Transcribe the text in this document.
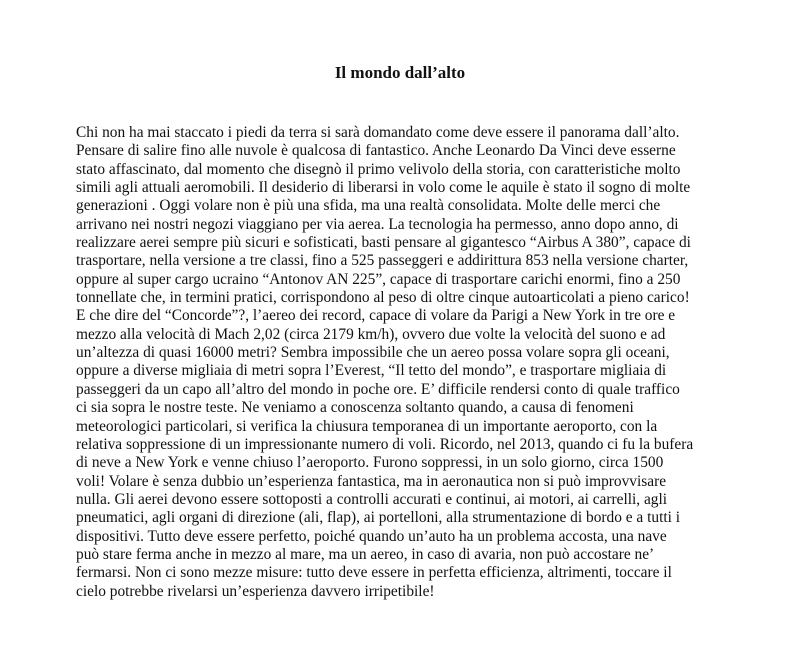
Il mondo dall’alto
Chi non ha mai staccato i piedi da terra si sarà domandato come deve essere il panorama dall’alto.
Pensare di salire fino alle nuvole è qualcosa di fantastico. Anche Leonardo Da Vinci deve esserne
stato affascinato, dal momento che disegnò il primo velivolo della storia, con caratteristiche molto
simili agli attuali aeromobili. Il desiderio di liberarsi in volo come le aquile è stato il sogno di molte
generazioni . Oggi volare non è più una sfida, ma una realtà consolidata. Molte delle merci che
arrivano nei nostri negozi viaggiano per via aerea. La tecnologia ha permesso, anno dopo anno, di
realizzare aerei sempre più sicuri e sofisticati, basti pensare al gigantesco “Airbus A 380”, capace di
trasportare, nella versione a tre classi, fino a 525 passeggeri e addirittura 853 nella versione charter,
oppure al super cargo ucraino “Antonov AN 225”, capace di trasportare carichi enormi, fino a 250
tonnellate che, in termini pratici, corrispondono al peso di oltre cinque autoarticolati a pieno carico!
E che dire del “Concorde”?, l’aereo dei record, capace di volare da Parigi a New York in tre ore e
mezzo alla velocità di Mach 2,02 (circa 2179 km/h), ovvero due volte la velocità del suono e ad
un’altezza di quasi 16000 metri? Sembra impossibile che un aereo possa volare sopra gli oceani,
oppure a diverse migliaia di metri sopra l’Everest, “Il tetto del mondo”, e trasportare migliaia di
passeggeri da un capo all’altro del mondo in poche ore. E’ difficile rendersi conto di quale traffico
ci sia sopra le nostre teste. Ne veniamo a conoscenza soltanto quando, a causa di fenomeni
meteorologici particolari, si verifica la chiusura temporanea di un importante aeroporto, con la
relativa soppressione di un impressionante numero di voli. Ricordo, nel 2013, quando ci fu la bufera
di neve a New York e venne chiuso l’aeroporto. Furono soppressi, in un solo giorno, circa 1500
voli! Volare è senza dubbio un’esperienza fantastica, ma in aeronautica non si può improvvisare
nulla. Gli aerei devono essere sottoposti a controlli accurati e continui, ai motori, ai carrelli, agli
pneumatici, agli organi di direzione (ali, flap), ai portelloni, alla strumentazione di bordo e a tutti i
dispositivi. Tutto deve essere perfetto, poiché quando un’auto ha un problema accosta, una nave
può stare ferma anche in mezzo al mare, ma un aereo, in caso di avaria, non può accostare ne’
fermarsi. Non ci sono mezze misure: tutto deve essere in perfetta efficienza, altrimenti, toccare il
cielo potrebbe rivelarsi un’esperienza davvero irripetibile!
